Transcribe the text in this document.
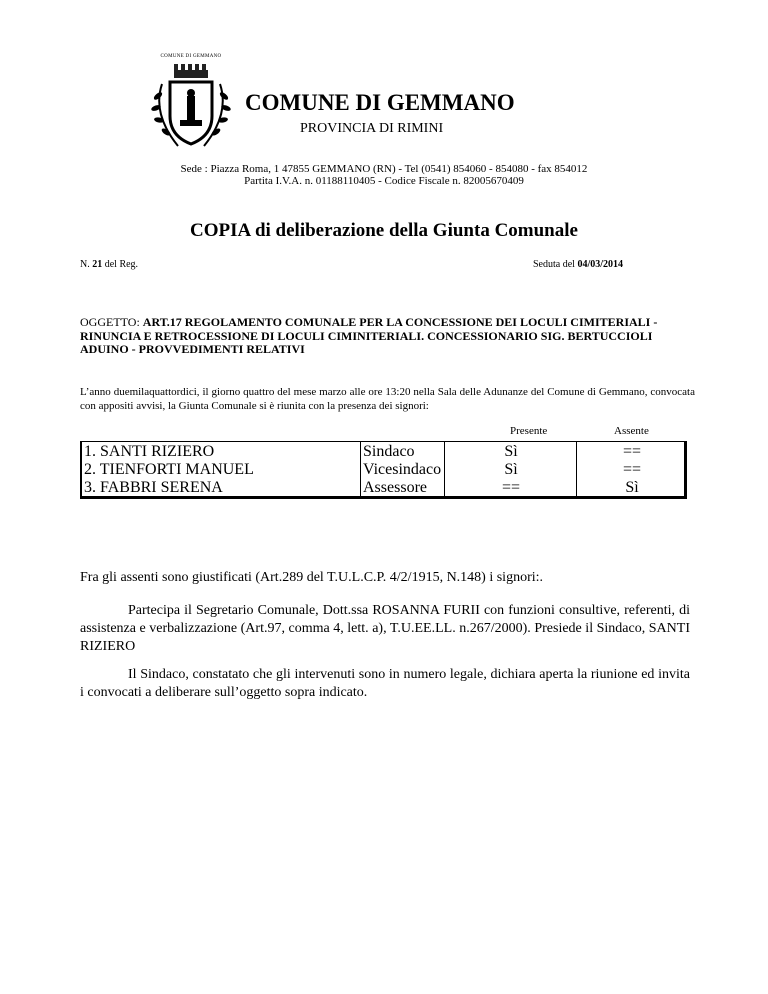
COMUNE DI GEMMANO
COMUNE DI GEMMANO
PROVINCIA DI RIMINI
Sede : Piazza Roma, 1 47855 GEMMANO (RN) - Tel (0541) 854060 - 854080 - fax 854012
Partita I.V.A. n. 01188110405 - Codice Fiscale n. 82005670409
COPIA di deliberazione della Giunta Comunale
N. 21 del Reg.	Seduta del 04/03/2014
OGGETTO: ART.17 REGOLAMENTO COMUNALE PER LA CONCESSIONE DEI LOCULI CIMITERIALI - RINUNCIA E RETROCESSIONE DI LOCULI CIMINITERIALI. CONCESSIONARIO SIG. BERTUCCIOLI ADUINO - PROVVEDIMENTI RELATIVI
L’anno duemilaquattordici, il giorno quattro del mese marzo alle ore 13:20 nella Sala delle Adunanze del Comune di Gemmano, convocata con appositi avvisi, la Giunta Comunale si è riunita con la presenza dei signori:
Presente	Assente
1. SANTI RIZIERO	Sindaco	Sì	==
2. TIENFORTI MANUEL	Vicesindaco	Sì	==
3. FABBRI SERENA	Assessore	==	Sì
Fra gli assenti sono giustificati (Art.289 del T.U.L.C.P. 4/2/1915, N.148) i signori:.
Partecipa il Segretario Comunale, Dott.ssa ROSANNA FURII con funzioni consultive, referenti, di assistenza e verbalizzazione (Art.97, comma 4, lett. a), T.U.EE.LL. n.267/2000). Presiede il Sindaco, SANTI RIZIERO
Il Sindaco, constatato che gli intervenuti sono in numero legale, dichiara aperta la riunione ed invita i convocati a deliberare sull’oggetto sopra indicato.
